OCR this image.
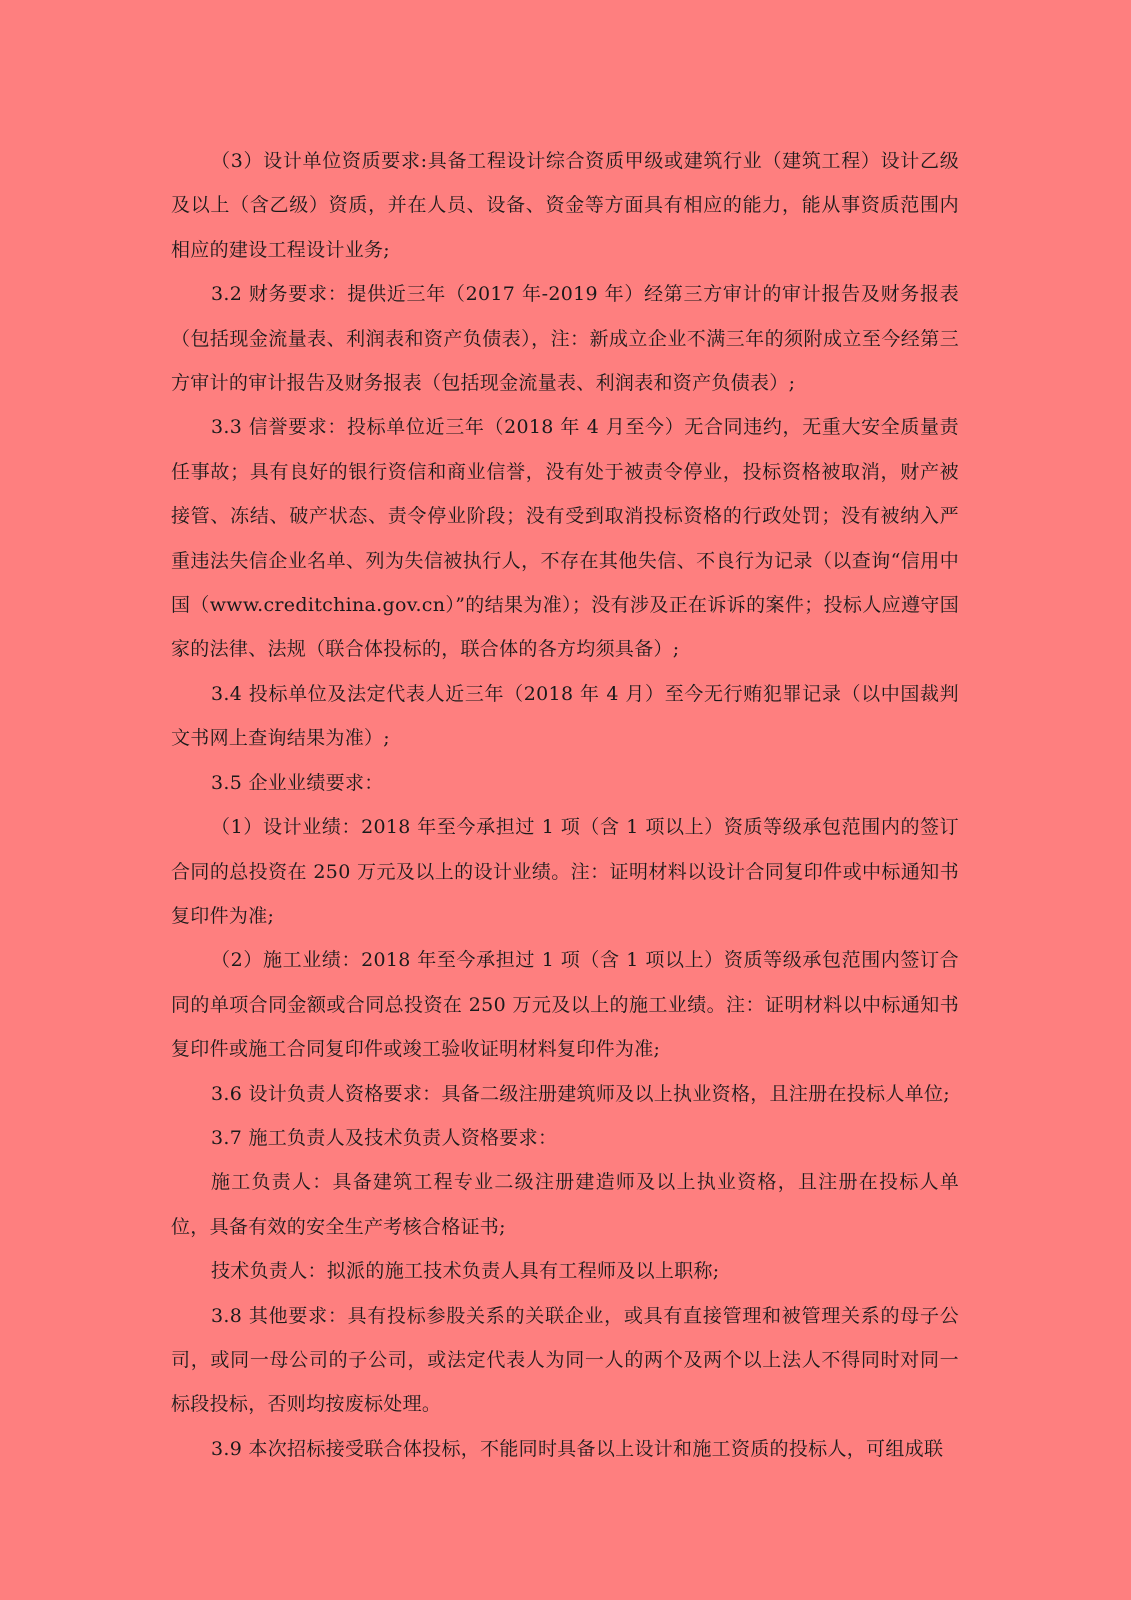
（3）设计单位资质要求:具备工程设计综合资质甲级或建筑行业（建筑工程）设计乙级及以上（含乙级）资质，并在人员、设备、资金等方面具有相应的能力，能从事资质范围内相应的建设工程设计业务;

3.2 财务要求：提供近三年（2017 年-2019 年）经第三方审计的审计报告及财务报表（包括现金流量表、利润表和资产负债表），注：新成立企业不满三年的须附成立至今经第三方审计的审计报告及财务报表（包括现金流量表、利润表和资产负债表）;

3.3 信誉要求：投标单位近三年（2018 年 4 月至今）无合同违约，无重大安全质量责任事故；具有良好的银行资信和商业信誉，没有处于被责令停业，投标资格被取消，财产被接管、冻结、破产状态、责令停业阶段；没有受到取消投标资格的行政处罚；没有被纳入严重违法失信企业名单、列为失信被执行人，不存在其他失信、不良行为记录（以查询“信用中国（www.creditchina.gov.cn）”的结果为准）；没有涉及正在诉诉的案件；投标人应遵守国家的法律、法规（联合体投标的，联合体的各方均须具备）;

3.4 投标单位及法定代表人近三年（2018 年 4 月）至今无行贿犯罪记录（以中国裁判文书网上查询结果为准）;

3.5 企业业绩要求：

（1）设计业绩：2018 年至今承担过 1 项（含 1 项以上）资质等级承包范围内的签订合同的总投资在 250 万元及以上的设计业绩。注：证明材料以设计合同复印件或中标通知书复印件为准;

（2）施工业绩：2018 年至今承担过 1 项（含 1 项以上）资质等级承包范围内签订合同的单项合同金额或合同总投资在 250 万元及以上的施工业绩。注：证明材料以中标通知书复印件或施工合同复印件或竣工验收证明材料复印件为准;

3.6 设计负责人资格要求：具备二级注册建筑师及以上执业资格，且注册在投标人单位;

3.7 施工负责人及技术负责人资格要求：

施工负责人：具备建筑工程专业二级注册建造师及以上执业资格，且注册在投标人单位，具备有效的安全生产考核合格证书;

技术负责人：拟派的施工技术负责人具有工程师及以上职称;

3.8 其他要求：具有投标参股关系的关联企业，或具有直接管理和被管理关系的母子公司，或同一母公司的子公司，或法定代表人为同一人的两个及两个以上法人不得同时对同一标段投标，否则均按废标处理。

3.9 本次招标接受联合体投标，不能同时具备以上设计和施工资质的投标人，可组成联
